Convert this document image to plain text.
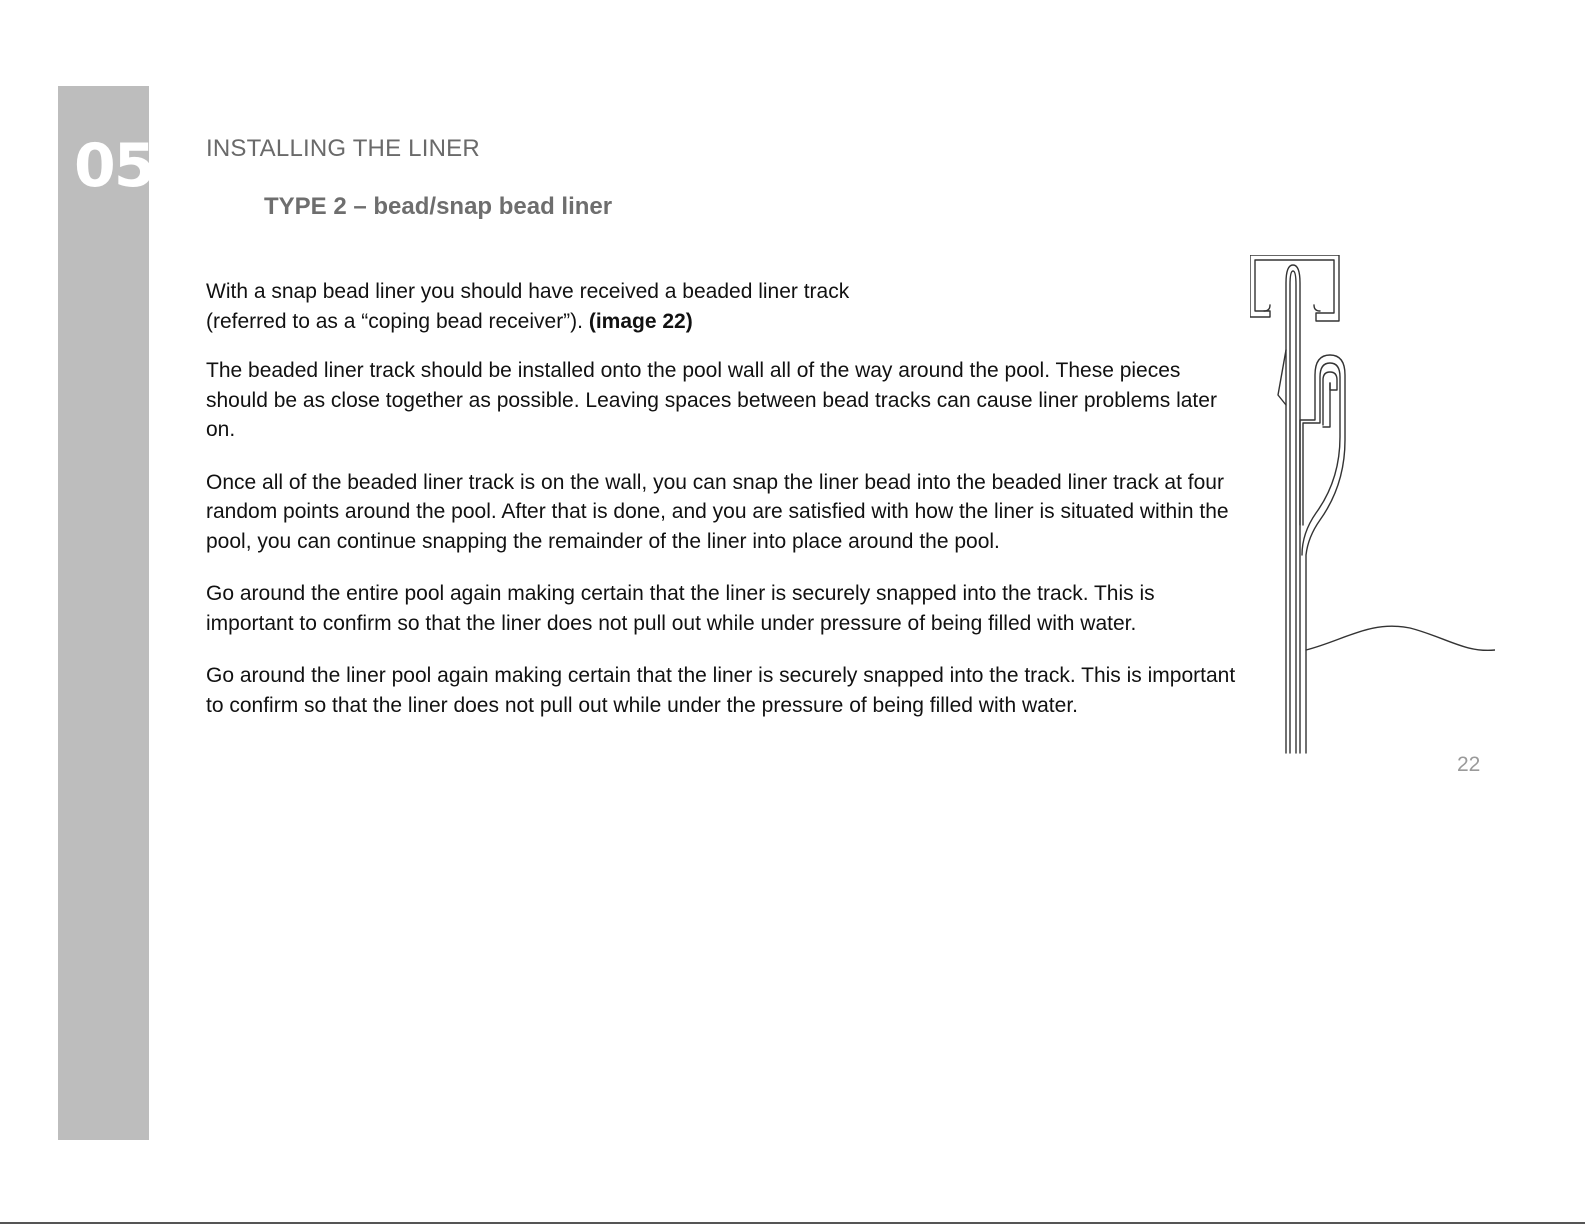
05 INSTALLING THE LINER
TYPE 2 – bead/snap bead liner

With a snap bead liner you should have received a beaded liner track
(referred to as a “coping bead receiver”). (image 22)

The beaded liner track should be installed onto the pool wall all of the way around the pool. These pieces should be as close together as possible. Leaving spaces between bead tracks can cause liner problems later on.

Once all of the beaded liner track is on the wall, you can snap the liner bead into the beaded liner track at four random points around the pool. After that is done, and you are satisfied with how the liner is situated within the pool, you can continue snapping the remainder of the liner into place around the pool.

Go around the entire pool again making certain that the liner is securely snapped into the track. This is important to confirm so that the liner does not pull out while under pressure of being filled with water.

Go around the liner pool again making certain that the liner is securely snapped into the track. This is important to confirm so that the liner does not pull out while under the pressure of being filled with water.

22
